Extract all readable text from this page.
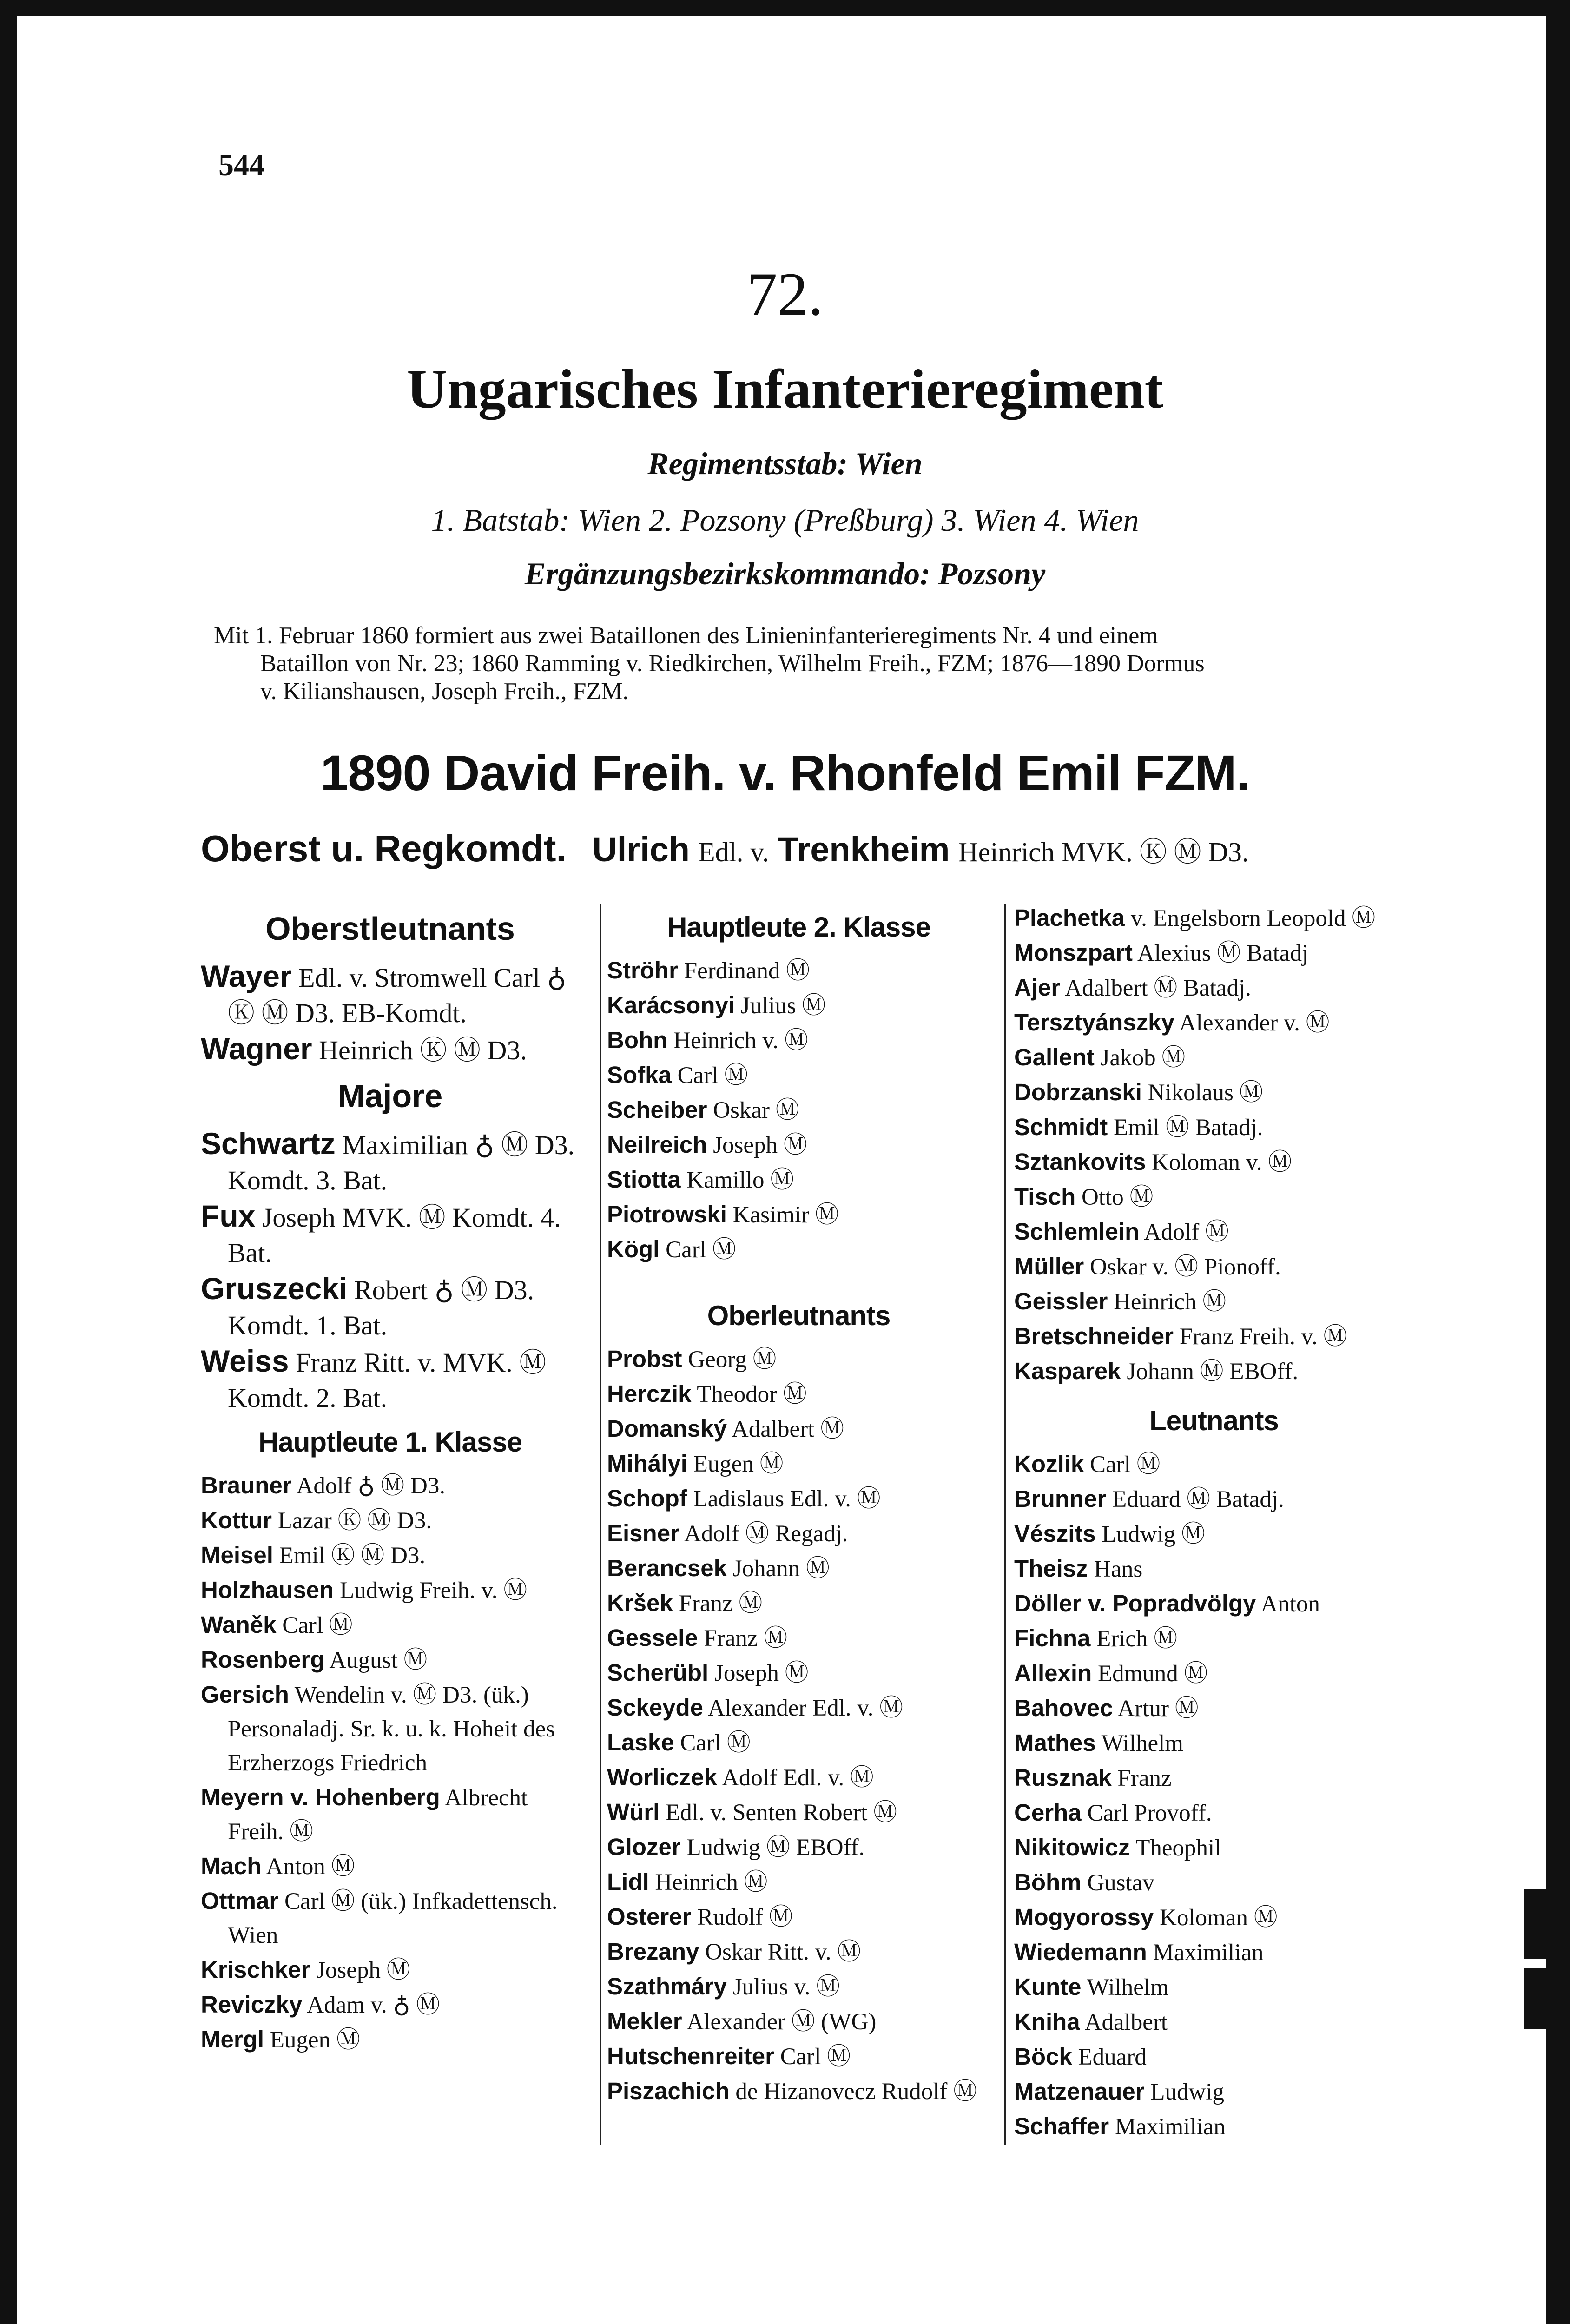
544
72.
Ungarisches Infanterieregiment
Regimentsstab: Wien
1. Batstab: Wien 2. Pozsony (Preßburg) 3. Wien 4. Wien
Ergänzungsbezirkskommando: Pozsony

Mit 1. Februar 1860 formiert aus zwei Bataillonen des Linieninfanterieregiments Nr. 4 und einem

Bataillon von Nr. 23; 1860 Ramming v. Riedkirchen, Wilhelm Freih., FZM; 1876—1890 Dormus

v. Kilianshausen, Joseph Freih., FZM.

1890 David Freih. v. Rhonfeld Emil FZM.
Oberst u. Regkomdt. Ulrich Edl. v. Trenkheim Heinrich MVK. Ⓚ Ⓜ D3.
Oberstleutnants
Wayer Edl. v. Stromwell Carl ♁ Ⓚ Ⓜ D3. EB-Komdt.
Wagner Heinrich Ⓚ Ⓜ D3.
Majore
Schwartz Maximilian ♁ Ⓜ D3. Komdt. 3. Bat.
Fux Joseph MVK. Ⓜ Komdt. 4. Bat.
Gruszecki Robert ♁ Ⓜ D3. Komdt. 1. Bat.
Weiss Franz Ritt. v. MVK. Ⓜ Komdt. 2. Bat.
Hauptleute 1. Klasse
Brauner Adolf ♁ Ⓜ D3.
Kottur Lazar Ⓚ Ⓜ D3.
Meisel Emil Ⓚ Ⓜ D3.
Holzhausen Ludwig Freih. v. Ⓜ
Waněk Carl Ⓜ
Rosenberg August Ⓜ
Gersich Wendelin v. Ⓜ D3. (ük.) Personaladj. Sr. k. u. k. Hoheit des Erzherzogs Friedrich
Meyern v. Hohenberg Albrecht Freih. Ⓜ
Mach Anton Ⓜ
Ottmar Carl Ⓜ (ük.) Infkadettensch. Wien
Krischker Joseph Ⓜ
Reviczky Adam v. ♁ Ⓜ
Mergl Eugen Ⓜ
Hauptleute 2. Klasse
Ströhr Ferdinand Ⓜ
Karácsonyi Julius Ⓜ
Bohn Heinrich v. Ⓜ
Sofka Carl Ⓜ
Scheiber Oskar Ⓜ
Neilreich Joseph Ⓜ
Stiotta Kamillo Ⓜ
Piotrowski Kasimir Ⓜ
Kögl Carl Ⓜ
Oberleutnants
Probst Georg Ⓜ
Herczik Theodor Ⓜ
Domanský Adalbert Ⓜ
Mihályi Eugen Ⓜ
Schopf Ladislaus Edl. v. Ⓜ
Eisner Adolf Ⓜ Regadj.
Berancsek Johann Ⓜ
Kršek Franz Ⓜ
Gessele Franz Ⓜ
Scherübl Joseph Ⓜ
Sckeyde Alexander Edl. v. Ⓜ
Laske Carl Ⓜ
Worliczek Adolf Edl. v. Ⓜ
Würl Edl. v. Senten Robert Ⓜ
Glozer Ludwig Ⓜ EBOff.
Lidl Heinrich Ⓜ
Osterer Rudolf Ⓜ
Brezany Oskar Ritt. v. Ⓜ
Szathmáry Julius v. Ⓜ
Mekler Alexander Ⓜ (WG)
Hutschenreiter Carl Ⓜ
Piszachich de Hizanovecz Rudolf Ⓜ
Plachetka v. Engelsborn Leopold Ⓜ
Monszpart Alexius Ⓜ Batadj
Ajer Adalbert Ⓜ Batadj.
Tersztyánszky Alexander v. Ⓜ
Gallent Jakob Ⓜ
Dobrzanski Nikolaus Ⓜ
Schmidt Emil Ⓜ Batadj.
Sztankovits Koloman v. Ⓜ
Tisch Otto Ⓜ
Schlemlein Adolf Ⓜ
Müller Oskar v. Ⓜ Pionoff.
Geissler Heinrich Ⓜ
Bretschneider Franz Freih. v. Ⓜ
Kasparek Johann Ⓜ EBOff.
Leutnants
Kozlik Carl Ⓜ
Brunner Eduard Ⓜ Batadj.
Vészits Ludwig Ⓜ
Theisz Hans
Döller v. Popradvölgy Anton
Fichna Erich Ⓜ
Allexin Edmund Ⓜ
Bahovec Artur Ⓜ
Mathes Wilhelm
Rusznak Franz
Cerha Carl Provoff.
Nikitowicz Theophil
Böhm Gustav
Mogyorossy Koloman Ⓜ
Wiedemann Maximilian
Kunte Wilhelm
Kniha Adalbert
Böck Eduard
Matzenauer Ludwig
Schaffer Maximilian
